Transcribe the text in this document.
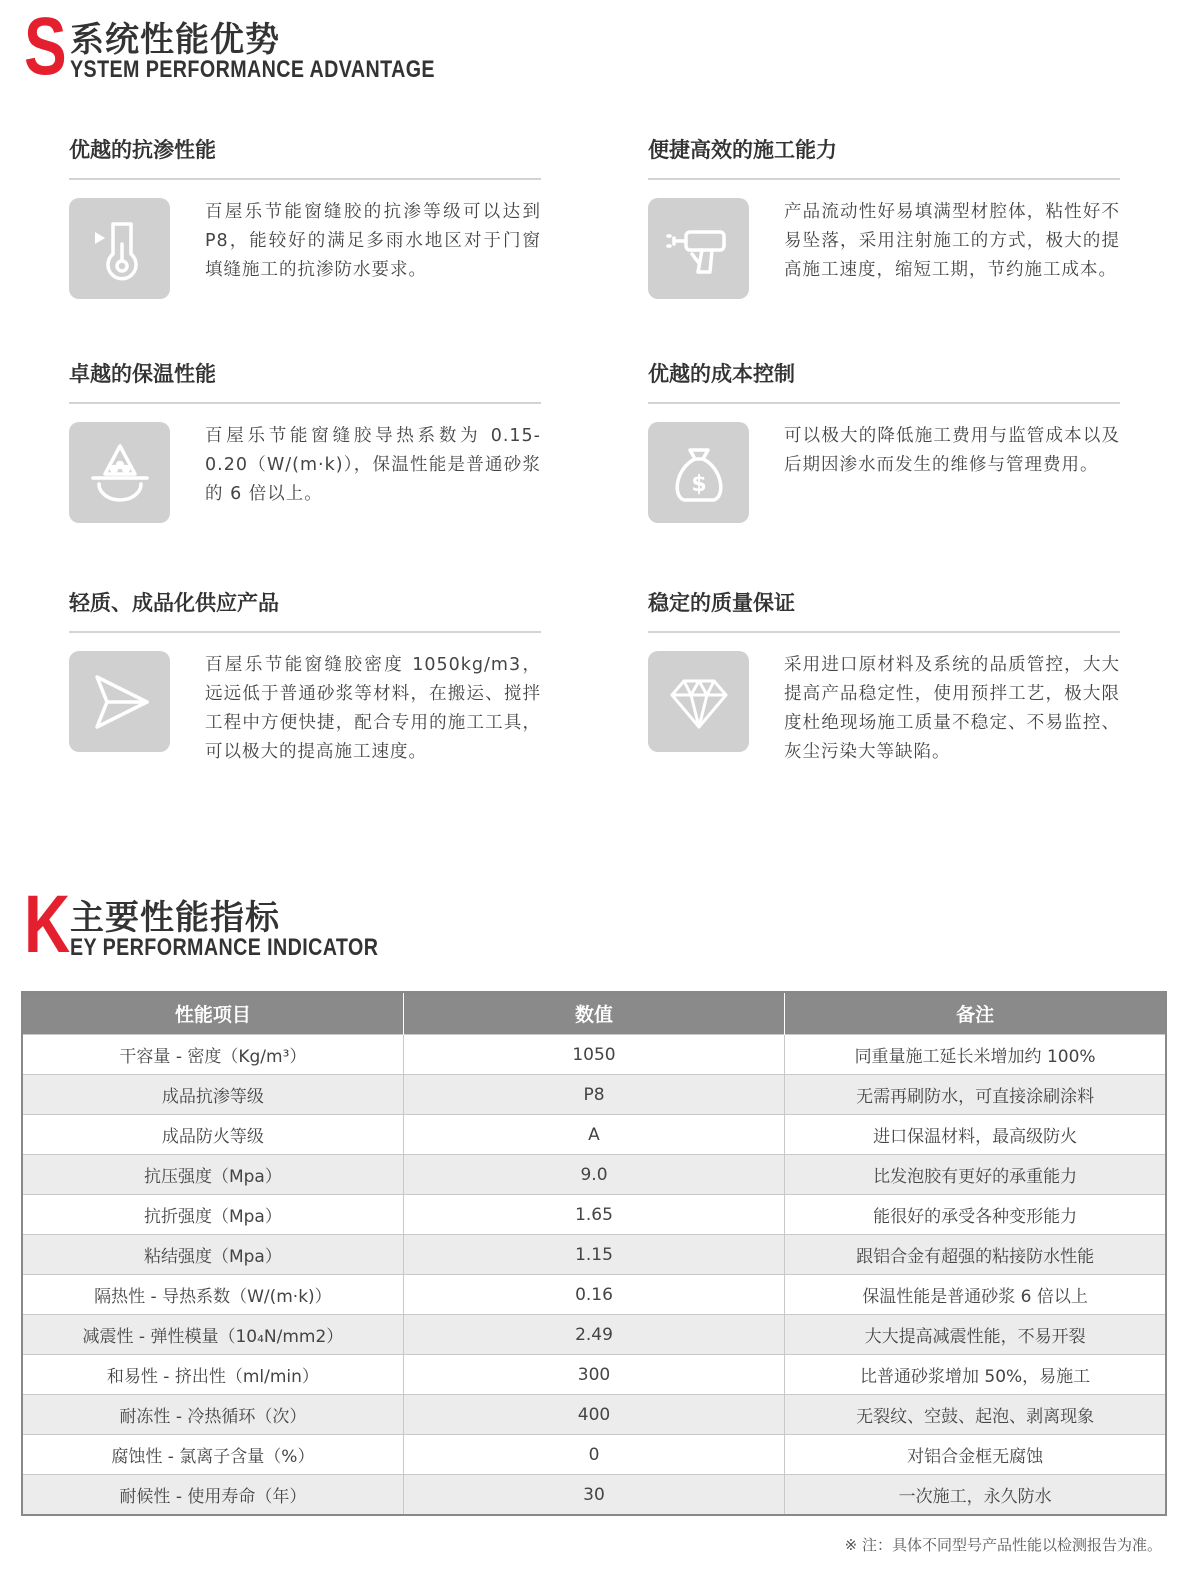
S 系统性能优势
YSTEM PERFORMANCE ADVANTAGE
优越的抗渗性能
百屋乐节能窗缝胶的抗渗等级可以达到 P8，能较好的满足多雨水地区对于门窗填缝施工的抗渗防水要求。
便捷高效的施工能力
产品流动性好易填满型材腔体，粘性好不易坠落，采用注射施工的方式，极大的提高施工速度，缩短工期，节约施工成本。
卓越的保温性能
百屋乐节能窗缝胶导热系数为 0.15-0.20（W/(m·k)），保温性能是普通砂浆的 6 倍以上。
优越的成本控制
$
可以极大的降低施工费用与监管成本以及后期因渗水而发生的维修与管理费用。
轻质、成品化供应产品
百屋乐节能窗缝胶密度 1050kg/m3，远远低于普通砂浆等材料，在搬运、搅拌工程中方便快捷，配合专用的施工工具，可以极大的提高施工速度。
稳定的质量保证
采用进口原材料及系统的品质管控，大大提高产品稳定性，使用预拌工艺，极大限度杜绝现场施工质量不稳定、不易监控、灰尘污染大等缺陷。
K 主要性能指标
EY PERFORMANCE INDICATOR
性能项目	数值	备注
干容量 - 密度（Kg/m³）	1050	同重量施工延长米增加约 100%
成品抗渗等级	P8	无需再刷防水，可直接涂刷涂料
成品防火等级	A	进口保温材料，最高级防火
抗压强度（Mpa）	9.0	比发泡胶有更好的承重能力
抗折强度（Mpa）	1.65	能很好的承受各种变形能力
粘结强度（Mpa）	1.15	跟铝合金有超强的粘接防水性能
隔热性 - 导热系数（W/(m·k)）	0.16	保温性能是普通砂浆 6 倍以上
减震性 - 弹性模量（10₄N/mm2）	2.49	大大提高减震性能，不易开裂
和易性 - 挤出性（ml/min）	300	比普通砂浆增加 50%，易施工
耐冻性 - 冷热循环（次）	400	无裂纹、空鼓、起泡、剥离现象
腐蚀性 - 氯离子含量（%）	0	对铝合金框无腐蚀
耐候性 - 使用寿命（年）	30	一次施工，永久防水
※ 注：具体不同型号产品性能以检测报告为准。
